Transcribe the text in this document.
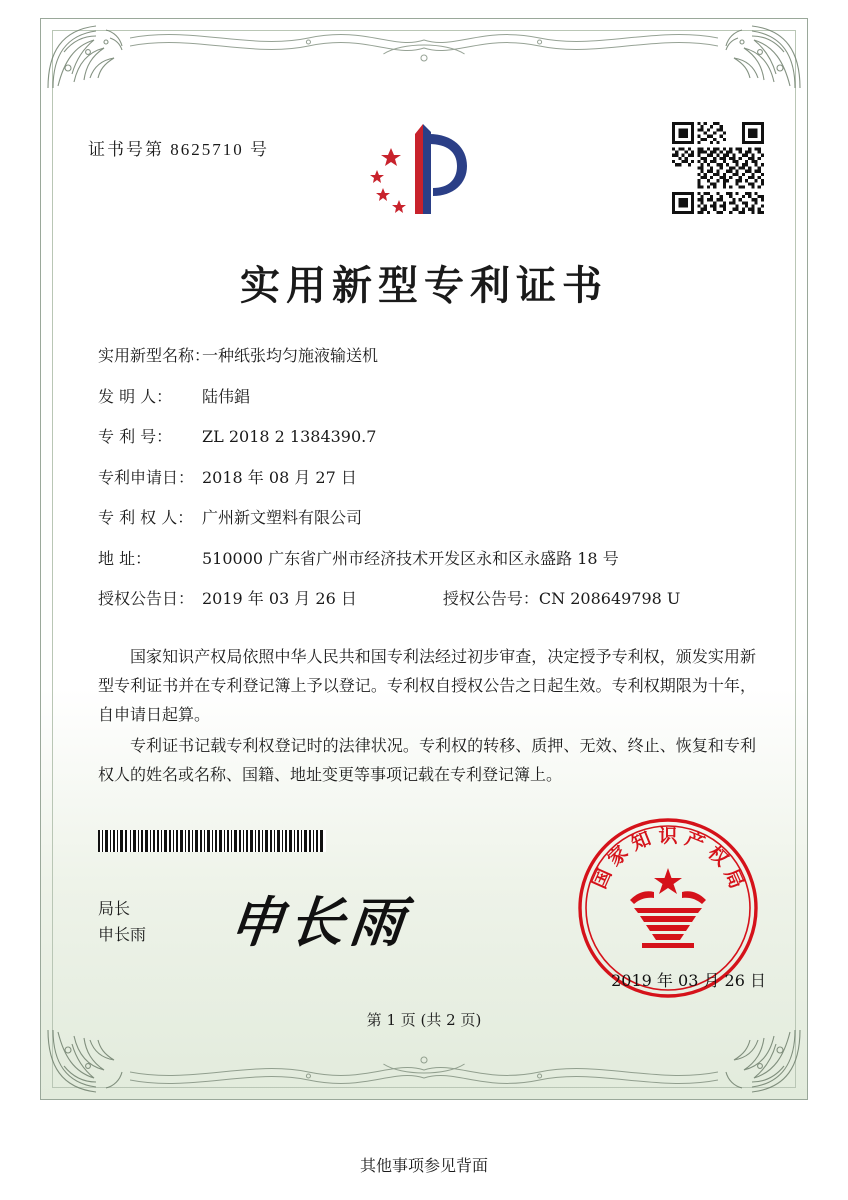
证书号第 8625710 号
实用新型专利证书
实用新型名称：
一种纸张均匀施液输送机
发 明 人：	陆伟錩
专 利 号：	ZL 2018 2 1384390.7
专利申请日： 2018 年 08 月 27 日
专 利 权 人： 广州新文塑料有限公司
地 址：	510000 广东省广州市经济技术开发区永和区永盛路 18 号
授权公告日： 2019 年 03 月 26 日	授权公告号： CN 208649798 U

国家知识产权局依照中华人民共和国专利法经过初步审查，决定授予专利权，颁发实用新型专利证书并在专利登记簿上予以登记。专利权自授权公告之日起生效。专利权期限为十年，自申请日起算。

专利证书记载专利权登记时的法律状况。专利权的转移、质押、无效、终止、恢复和专利权人的姓名或名称、国籍、地址变更等事项记载在专利登记簿上。

局长
申长雨 申长雨
国
家
知 识 产
权
局
2019 年 03 月 26 日
第 1 页 (共 2 页)
其他事项参见背面
